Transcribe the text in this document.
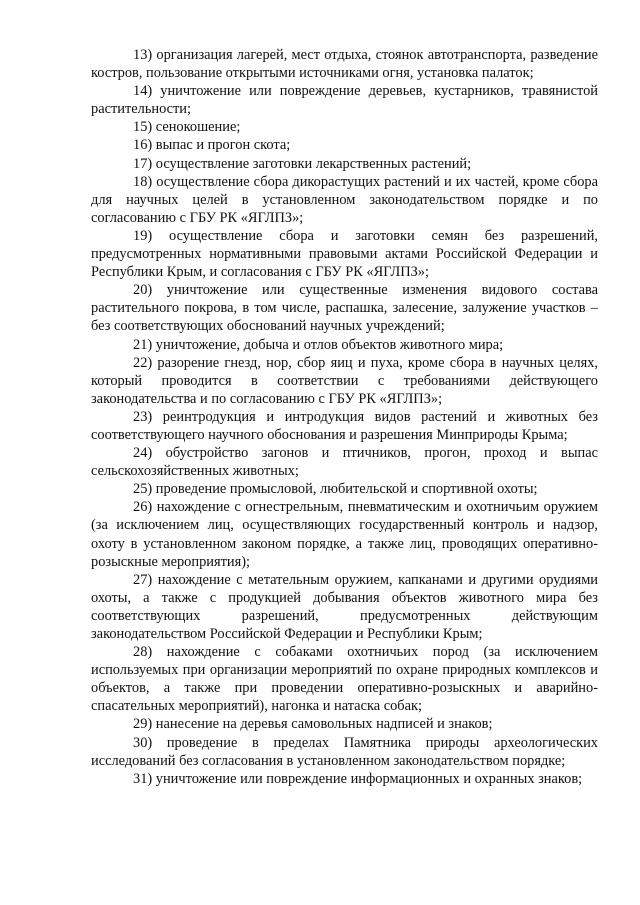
13) организация лагерей, мест отдыха, стоянок автотранспорта, разведение костров, пользование открытыми источниками огня, установка палаток;

14) уничтожение или повреждение деревьев, кустарников, травянистой растительности;

15) сенокошение;

16) выпас и прогон скота;

17) осуществление заготовки лекарственных растений;

18) осуществление сбора дикорастущих растений и их частей, кроме сбора для научных целей в установленном законодательством порядке и по согласованию с ГБУ РК «ЯГЛПЗ»;

19) осуществление сбора и заготовки семян без разрешений, предусмотренных нормативными правовыми актами Российской Федерации и Республики Крым, и согласования с ГБУ РК «ЯГЛПЗ»;

20) уничтожение или существенные изменения видового состава растительного покрова, в том числе, распашка, залесение, залужение участков – без соответствующих обоснований научных учреждений;

21) уничтожение, добыча и отлов объектов животного мира;

22) разорение гнезд, нор, сбор яиц и пуха, кроме сбора в научных целях, который проводится в соответствии с требованиями действующего законодательства и по согласованию с ГБУ РК «ЯГЛПЗ»;

23) реинтродукция и интродукция видов растений и животных без соответствующего научного обоснования и разрешения Минприроды Крыма;

24) обустройство загонов и птичников, прогон, проход и выпас сельскохозяйственных животных;

25) проведение промысловой, любительской и спортивной охоты;

26) нахождение с огнестрельным, пневматическим и охотничьим оружием (за исключением лиц, осуществляющих государственный контроль и надзор, охоту в установленном законом порядке, а также лиц, проводящих оперативно-розыскные мероприятия);

27) нахождение с метательным оружием, капканами и другими орудиями охоты, а также с продукцией добывания объектов животного мира без соответствующих разрешений, предусмотренных действующим законодательством Российской Федерации и Республики Крым;

28) нахождение с собаками охотничьих пород (за исключением используемых при организации мероприятий по охране природных комплексов и объектов, а также при проведении оперативно-розыскных и аварийно-спасательных мероприятий), нагонка и натаска собак;

29) нанесение на деревья самовольных надписей и знаков;

30) проведение в пределах Памятника природы археологических исследований без согласования в установленном законодательством порядке;

31) уничтожение или повреждение информационных и охранных знаков;
